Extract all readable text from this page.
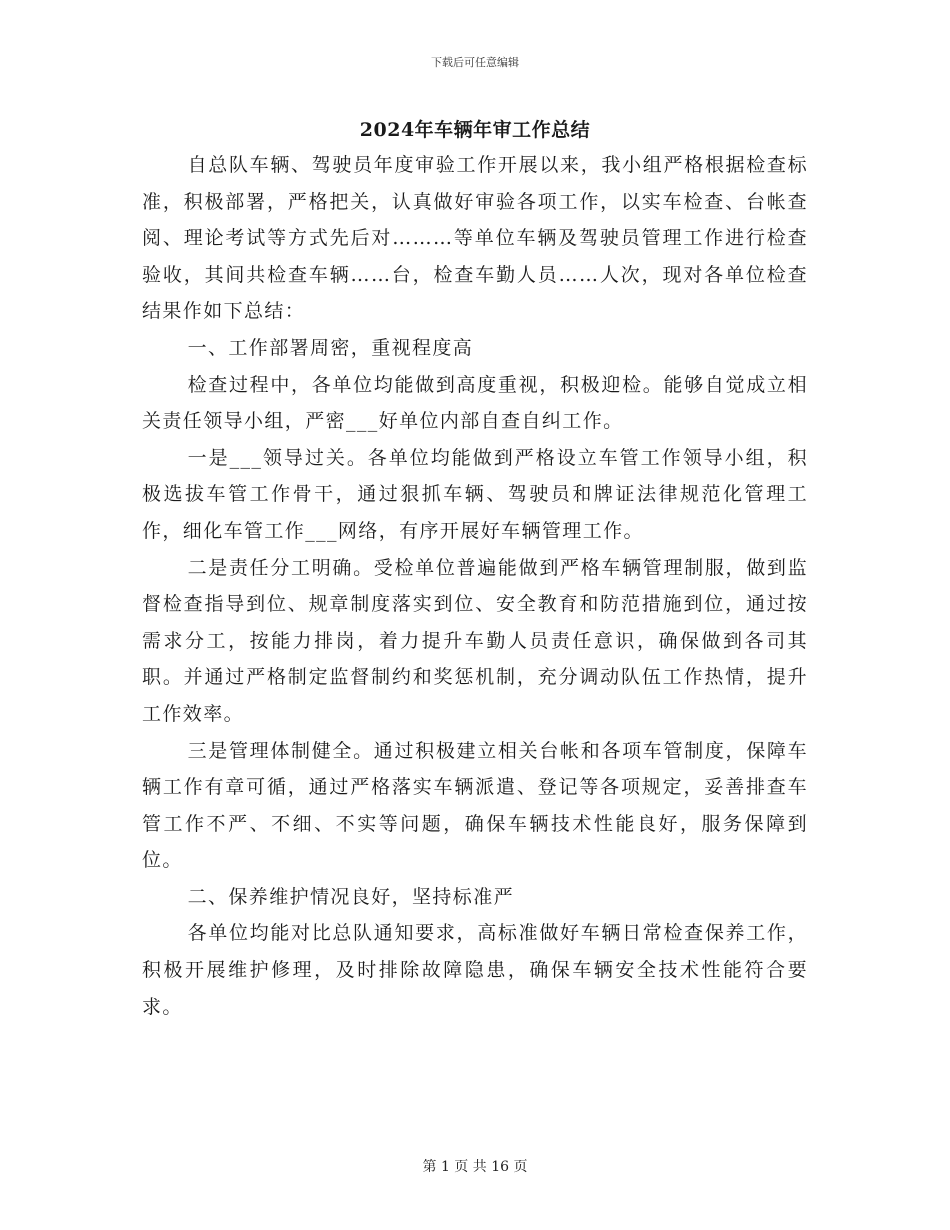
下载后可任意编辑
2024年车辆年审工作总结

自总队车辆、驾驶员年度审验工作开展以来，我小组严格根据检查标准，积极部署，严格把关，认真做好审验各项工作，以实车检查、台帐查阅、理论考试等方式先后对………等单位车辆及驾驶员管理工作进行检查验收，其间共检查车辆……台，检查车勤人员……人次，现对各单位检查结果作如下总结：

一、工作部署周密，重视程度高

检查过程中，各单位均能做到高度重视，积极迎检。能够自觉成立相关责任领导小组，严密___好单位内部自查自纠工作。

一是___领导过关。各单位均能做到严格设立车管工作领导小组，积极选拔车管工作骨干，通过狠抓车辆、驾驶员和牌证法律规范化管理工作，细化车管工作___网络，有序开展好车辆管理工作。

二是责任分工明确。受检单位普遍能做到严格车辆管理制服，做到监督检查指导到位、规章制度落实到位、安全教育和防范措施到位，通过按需求分工，按能力排岗，着力提升车勤人员责任意识，确保做到各司其职。并通过严格制定监督制约和奖惩机制，充分调动队伍工作热情，提升工作效率。

三是管理体制健全。通过积极建立相关台帐和各项车管制度，保障车辆工作有章可循，通过严格落实车辆派遣、登记等各项规定，妥善排查车管工作不严、不细、不实等问题，确保车辆技术性能良好，服务保障到位。

二、保养维护情况良好，坚持标准严

各单位均能对比总队通知要求，高标准做好车辆日常检查保养工作，积极开展维护修理，及时排除故障隐患，确保车辆安全技术性能符合要求。

第 1 页 共 16 页
